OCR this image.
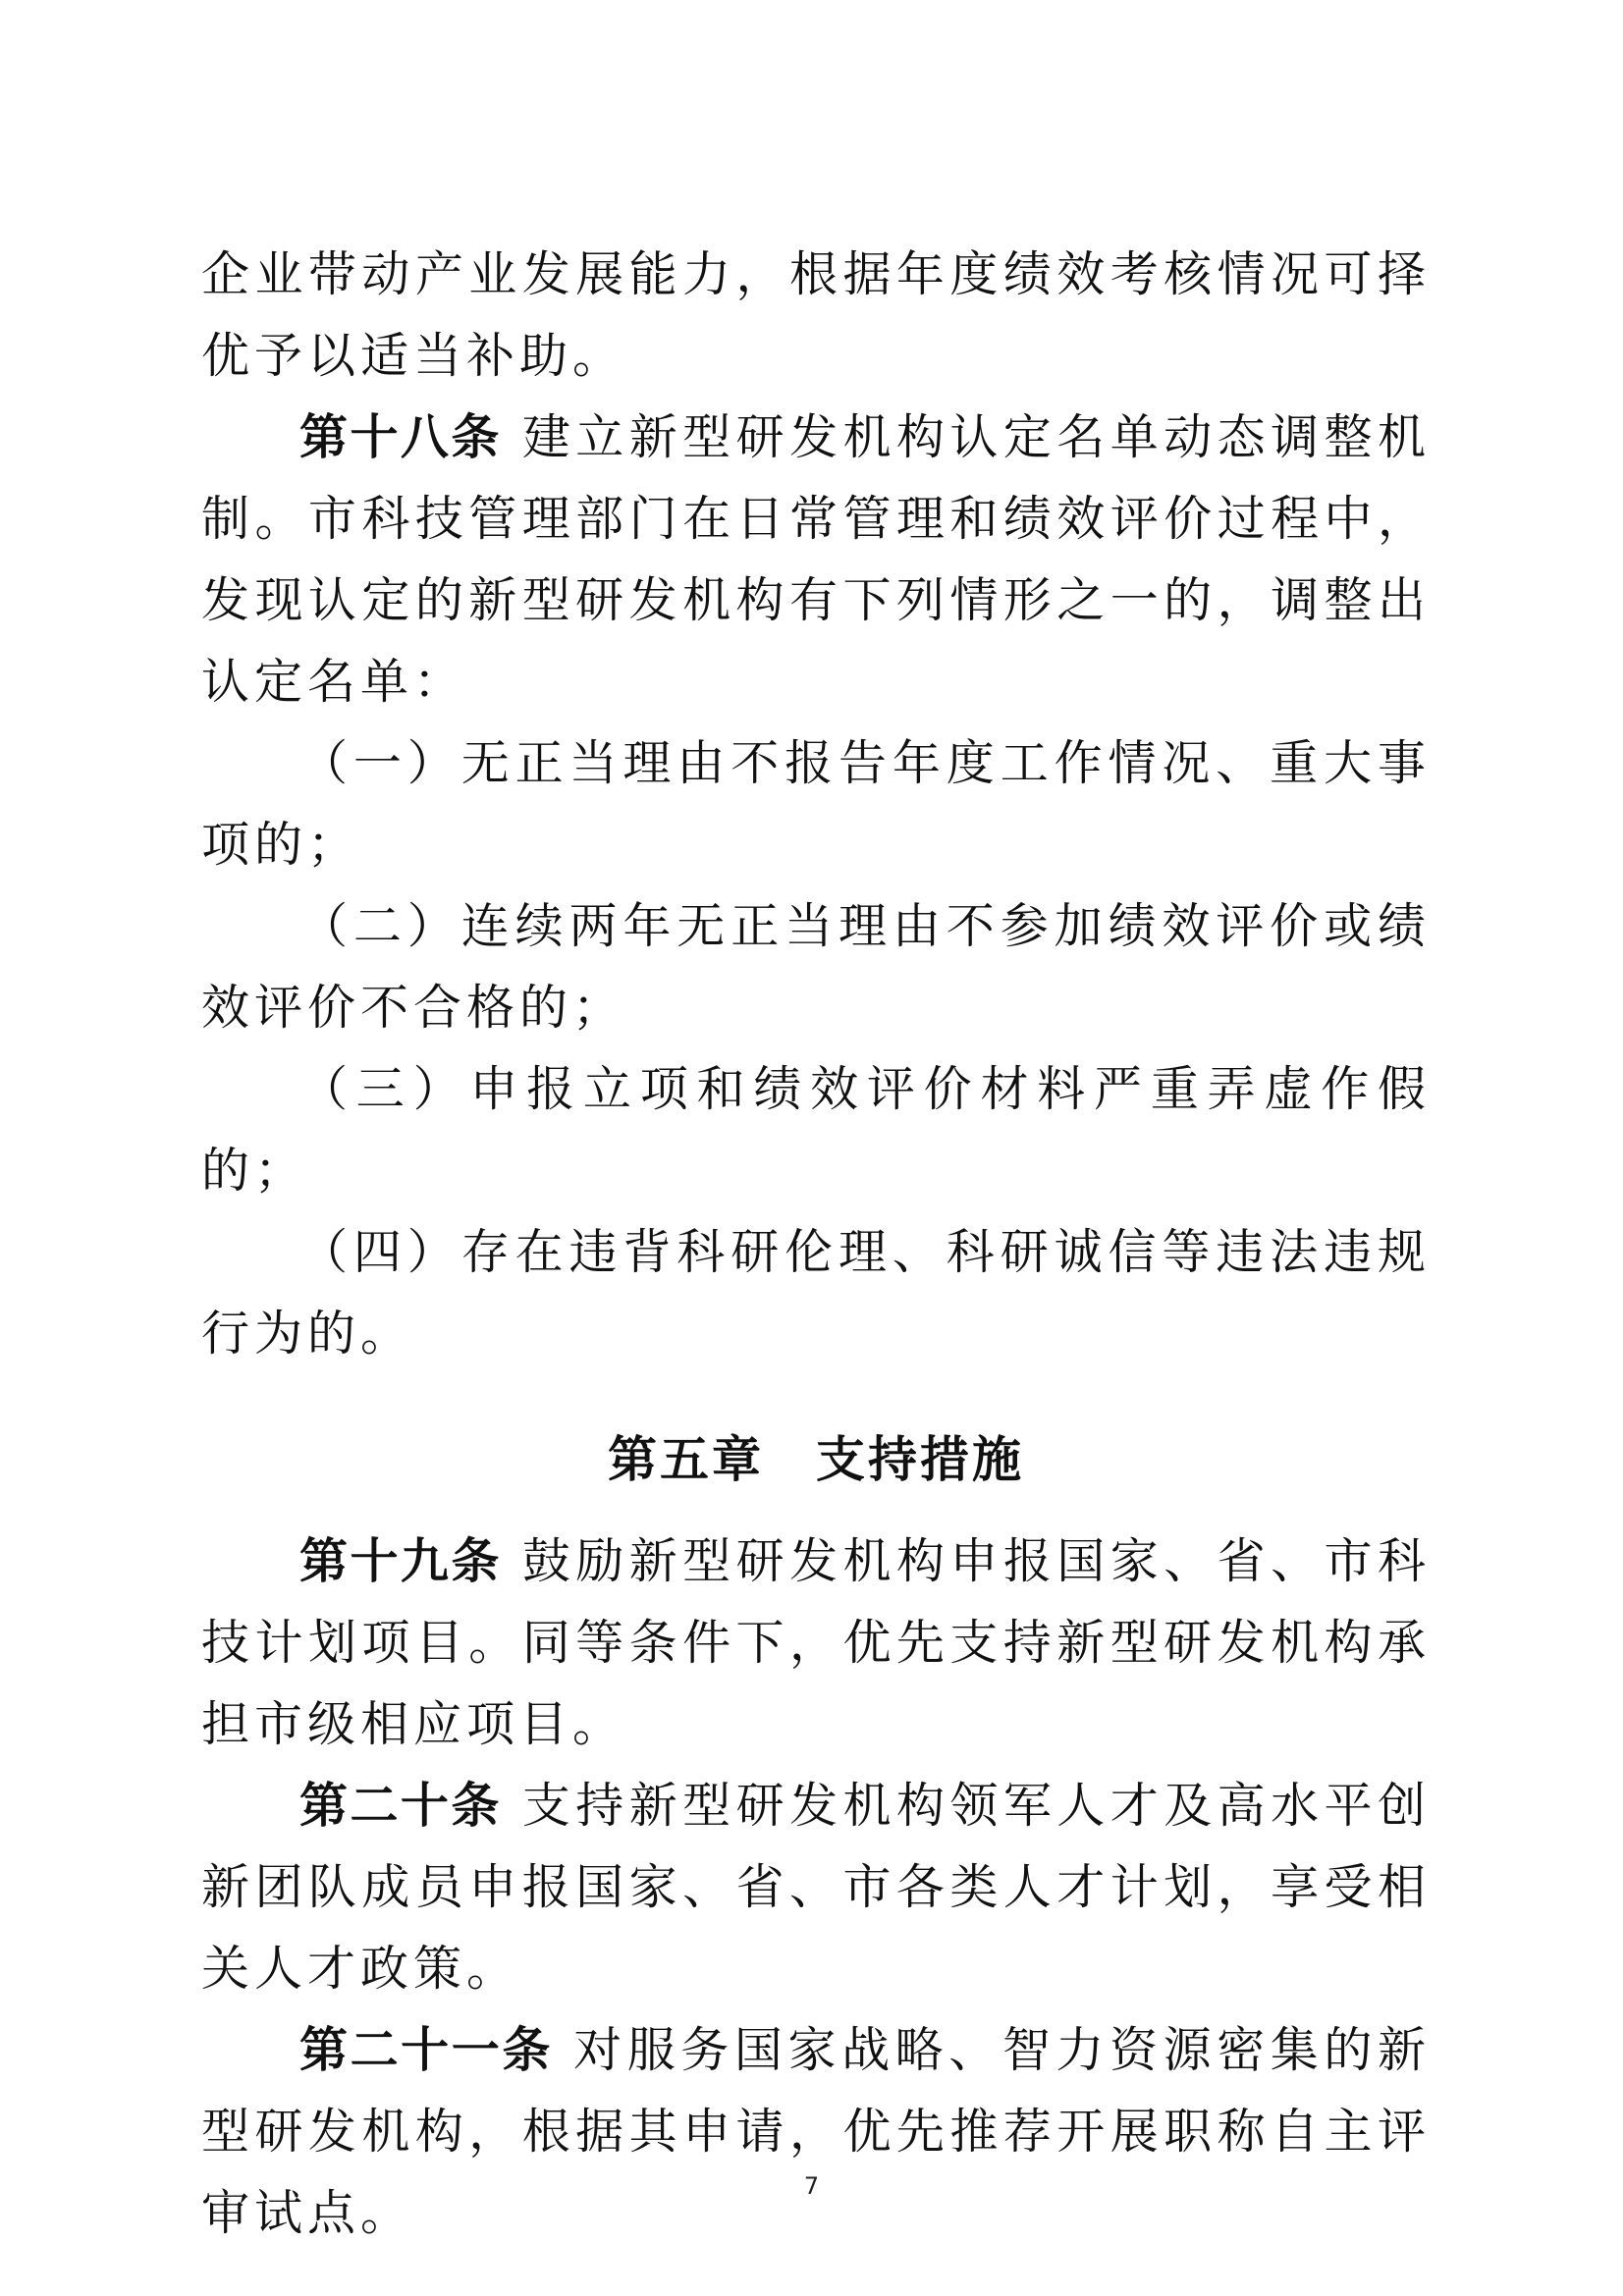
企业带动产业发展能力，根据年度绩效考核情况可择优予以适当补助。

第十八条 建立新型研发机构认定名单动态调整机制。市科技管理部门在日常管理和绩效评价过程中，发现认定的新型研发机构有下列情形之一的，调整出认定名单：

（一）无正当理由不报告年度工作情况、重大事项的；

（二）连续两年无正当理由不参加绩效评价或绩效评价不合格的；

（三）申报立项和绩效评价材料严重弄虚作假的；

（四）存在违背科研伦理、科研诚信等违法违规行为的。

第五章　支持措施

第十九条 鼓励新型研发机构申报国家、省、市科技计划项目。同等条件下，优先支持新型研发机构承担市级相应项目。

第二十条 支持新型研发机构领军人才及高水平创新团队成员申报国家、省、市各类人才计划，享受相关人才政策。

第二十一条 对服务国家战略、智力资源密集的新型研发机构，根据其申请，优先推荐开展职称自主评审试点。	7
